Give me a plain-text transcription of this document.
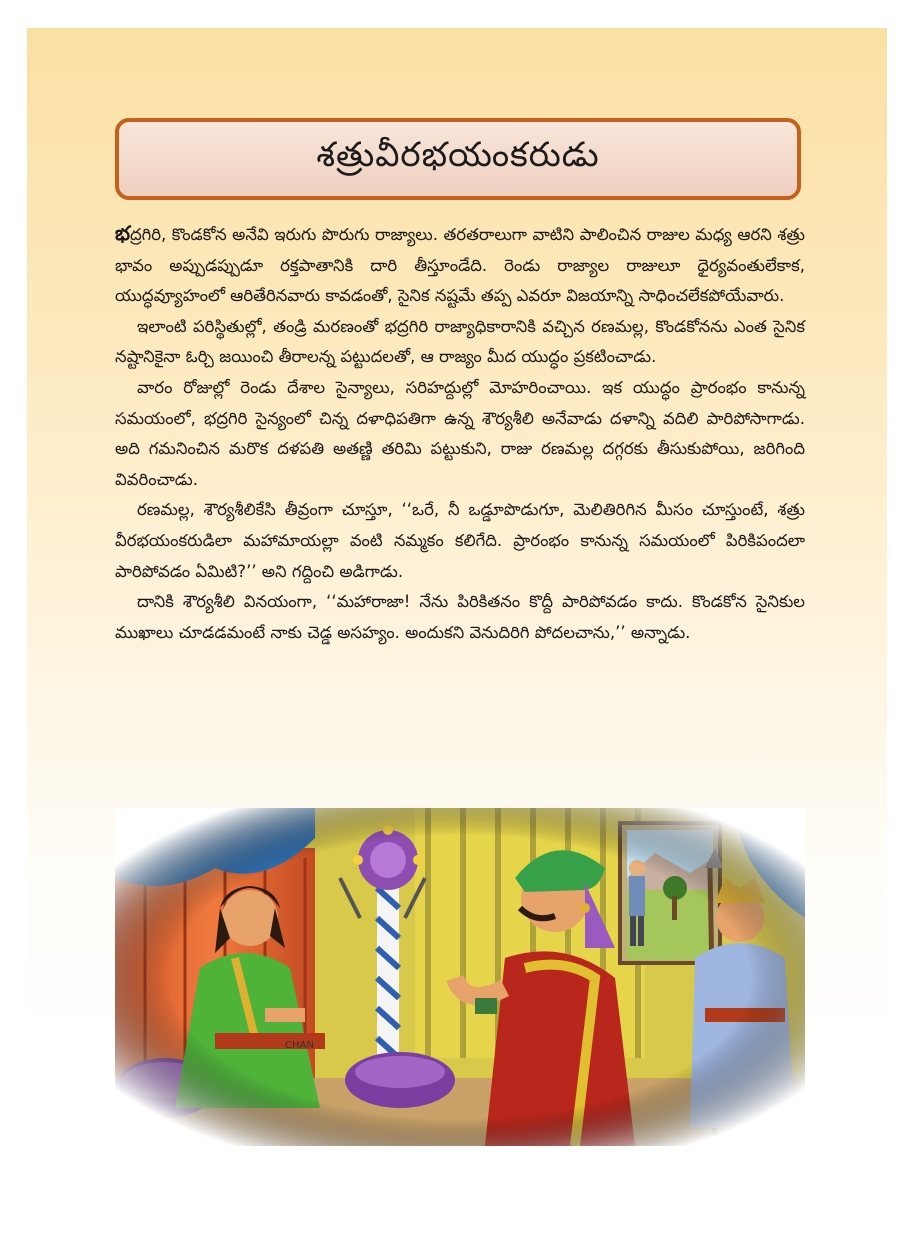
శత్రువీరభయంకరుడు

భద్రగిరి, కొండకోన అనేవి ఇరుగు పొరుగు రాజ్యాలు. తరతరాలుగా వాటిని పాలించిన రాజుల మధ్య ఆరని శత్రు భావం అప్పుడప్పుడూ రక్తపాతానికి దారి తీస్తూండేది. రెండు రాజ్యాల రాజులూ ధైర్యవంతులేకాక, యుద్ధవ్యూహంలో ఆరితేరినవారు కావడంతో, సైనిక నష్టమే తప్ప ఎవరూ విజయాన్ని సాధించలేకపోయేవారు.

ఇలాంటి పరిస్థితుల్లో, తండ్రి మరణంతో భద్రగిరి రాజ్యాధికారానికి వచ్చిన రణమల్ల, కొండకోనను ఎంత సైనిక నష్టానికైనా ఓర్చి జయించి తీరాలన్న పట్టుదలతో, ఆ రాజ్యం మీద యుద్ధం ప్రకటించాడు.

వారం రోజుల్లో రెండు దేశాల సైన్యాలు, సరిహద్దుల్లో మోహరించాయి. ఇక యుద్ధం ప్రారంభం కానున్న సమయంలో, భద్రగిరి సైన్యంలో చిన్న దళాధిపతిగా ఉన్న శౌర్యశీలి అనేవాడు దళాన్ని వదిలి పారిపోసాగాడు. అది గమనించిన మరొక దళపతి అతణ్ణి తరిమి పట్టుకుని, రాజు రణమల్ల దగ్గరకు తీసుకుపోయి, జరిగింది వివరించాడు.

రణమల్ల, శౌర్యశీలికేసి తీవ్రంగా చూస్తూ, ‘‘ఒరే, నీ ఒడ్డూపొడుగూ, మెలితిరిగిన మీసం చూస్తుంటే, శత్రు వీరభయంకరుడిలా మహామాయల్లా వంటి నమ్మకం కలిగేది. ప్రారంభం కానున్న సమయంలో పిరికిపందలా పారిపోవడం ఏమిటి?’’ అని గద్దించి అడిగాడు.

దానికి శౌర్యశీలి వినయంగా, ‘‘మహారాజా! నేను పిరికితనం కొద్దీ పారిపోవడం కాదు. కొండకోన సైనికుల ముఖాలు చూడడమంటే నాకు చెడ్డ అసహ్యం. అందుకని వెనుదిరిగి పోదలచాను,’’ అన్నాడు.
